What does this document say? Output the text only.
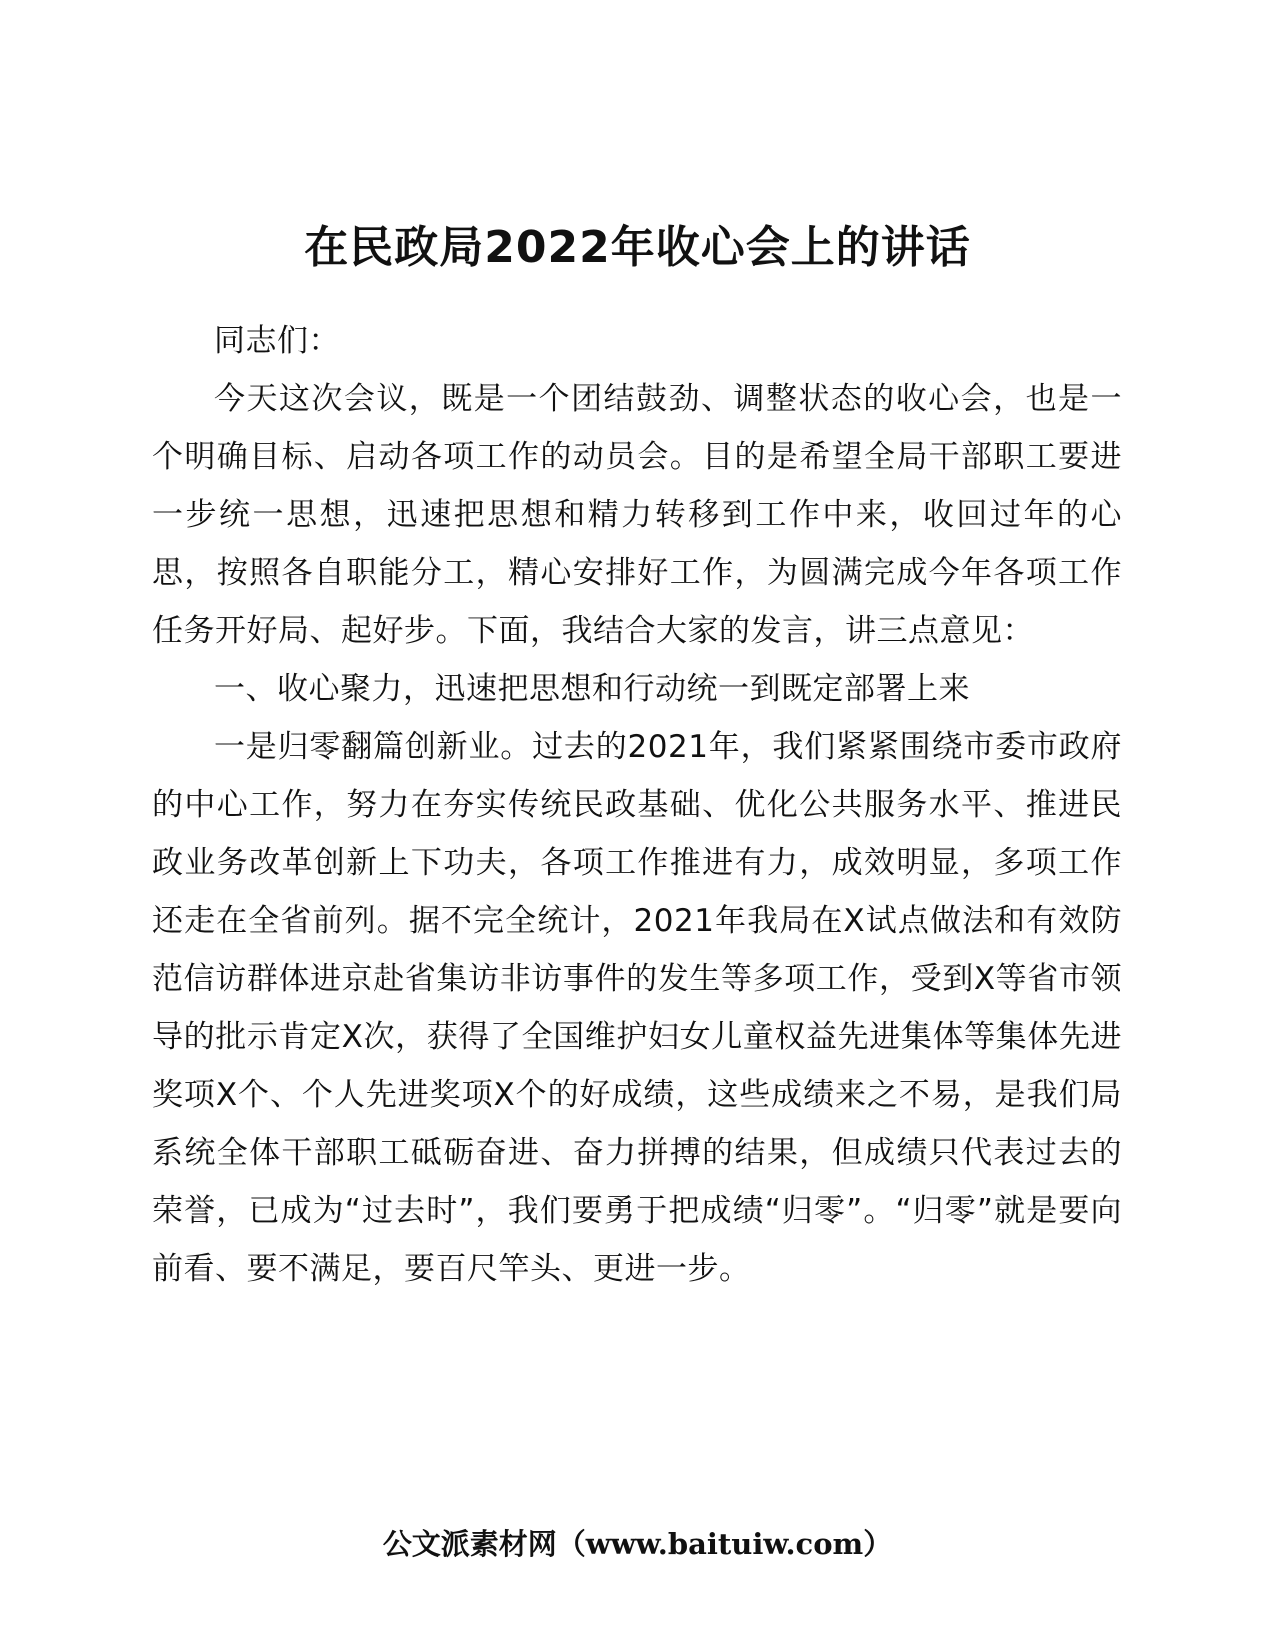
在民政局2022年收心会上的讲话

同志们：

今天这次会议，既是一个团结鼓劲、调整状态的收心会，也是一个明确目标、启动各项工作的动员会。目的是希望全局干部职工要进一步统一思想，迅速把思想和精力转移到工作中来，收回过年的心思，按照各自职能分工，精心安排好工作，为圆满完成今年各项工作任务开好局、起好步。下面，我结合大家的发言，讲三点意见：

一、收心聚力，迅速把思想和行动统一到既定部署上来

一是归零翻篇创新业。过去的2021年，我们紧紧围绕市委市政府的中心工作，努力在夯实传统民政基础、优化公共服务水平、推进民政业务改革创新上下功夫，各项工作推进有力，成效明显，多项工作还走在全省前列。据不完全统计，2021年我局在X试点做法和有效防范信访群体进京赴省集访非访事件的发生等多项工作，受到X等省市领导的批示肯定X次，获得了全国维护妇女儿童权益先进集体等集体先进奖项X个、个人先进奖项X个的好成绩，这些成绩来之不易，是我们局系统全体干部职工砥砺奋进、奋力拼搏的结果，但成绩只代表过去的荣誉，已成为“过去时”，我们要勇于把成绩“归零”。“归零”就是要向前看、要不满足，要百尺竿头、更进一步。

公文派素材网（www.baituiw.com）
